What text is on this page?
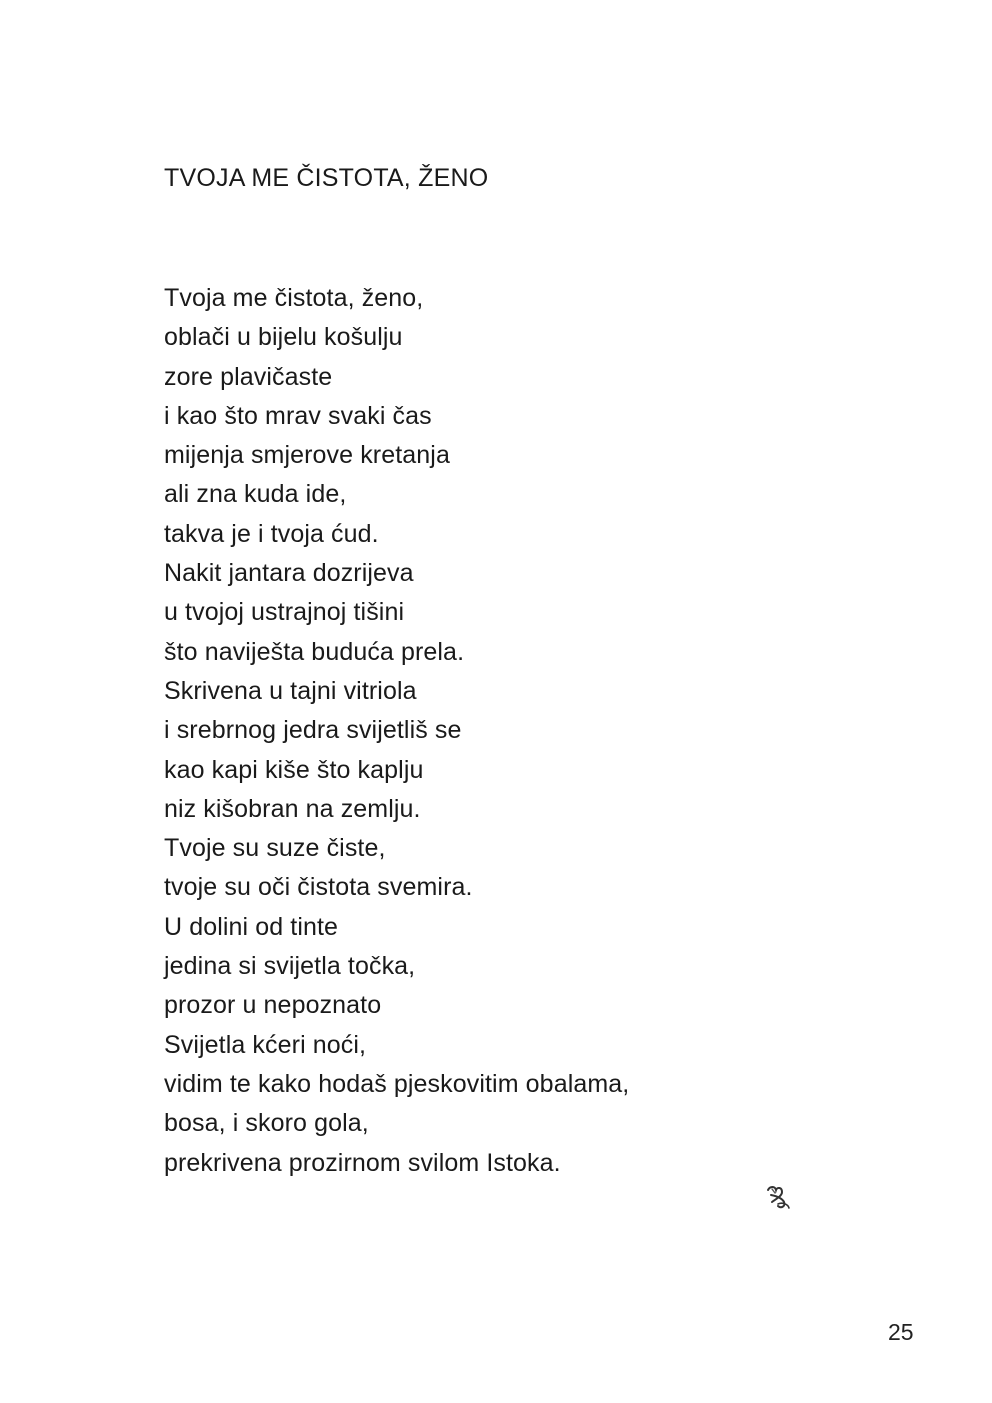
TVOJA ME ČISTOTA, ŽENO
Tvoja me čistota, ženo,
oblači u bijelu košulju
zore plavičaste
i kao što mrav svaki čas
mijenja smjerove kretanja
ali zna kuda ide,
takva je i tvoja ćud.
Nakit jantara dozrijeva
u tvojoj ustrajnoj tišini
što naviješta buduća prela.
Skrivena u tajni vitriola
i srebrnog jedra svijetliš se
kao kapi kiše što kaplju
niz kišobran na zemlju.
Tvoje su suze čiste,
tvoje su oči čistota svemira.
U dolini od tinte
jedina si svijetla točka,
prozor u nepoznato
Svijetla kćeri noći,
vidim te kako hodaš pjeskovitim obalama,
bosa, i skoro gola,
prekrivena prozirnom svilom Istoka.
25
